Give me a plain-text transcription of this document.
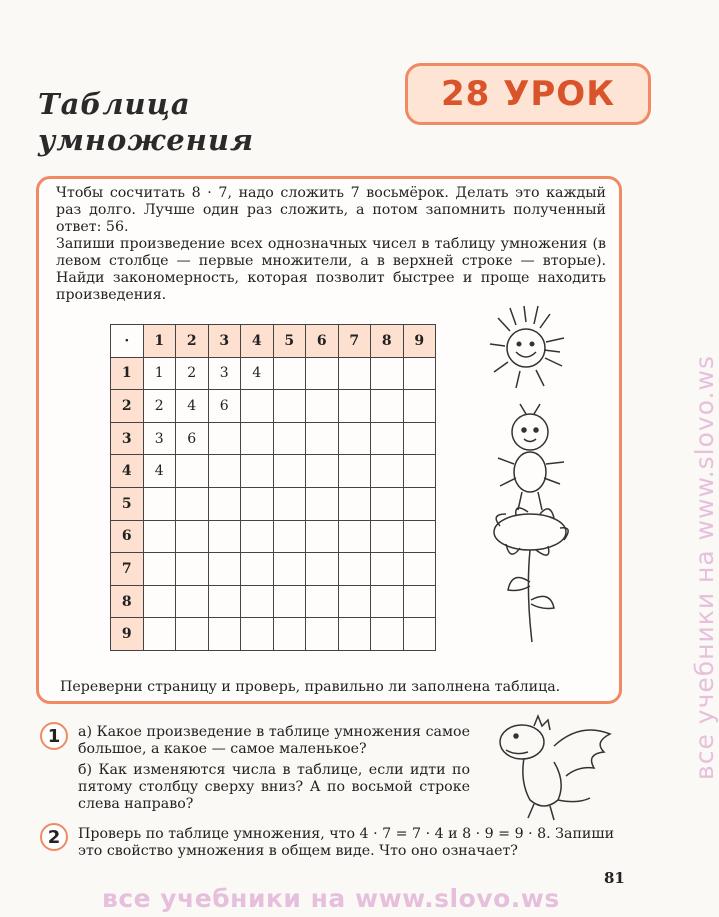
Таблица
умножения
28 УРОК

Чтобы сосчитать 8 · 7, надо сложить 7 восьмёрок. Делать это каждый раз долго. Лучше один раз сложить, а потом запомнить полученный ответ: 56.

Запиши произведение всех однозначных чисел в таблицу умножения (в левом столбце — первые множители, а в верхней строке — вторые). Найди закономерность, которая позволит быстрее и проще находить произведения.

·	1	2	3	4	5	6	7	8	9
1	1	2	3	4					
2	2	4	6						
3	3	6							
4	4								
5									
6									
7									
8									
9									
Переверни страницу и проверь, правильно ли заполнена таблица.
1	а) Какое произведение в таблице умножения самое большое, а какое — самое маленькое?

б) Как изменяются числа в таблице, если идти по пятому столбцу сверху вниз? А по восьмой строке слева направо?

2	Проверь по таблице умножения, что 4 · 7 = 7 · 4 и 8 · 9 = 9 · 8. Запиши это свойство умножения в общем виде. Что оно означает?

81
все учебники на www.slovo.ws
все учебники на www.slovo.ws
